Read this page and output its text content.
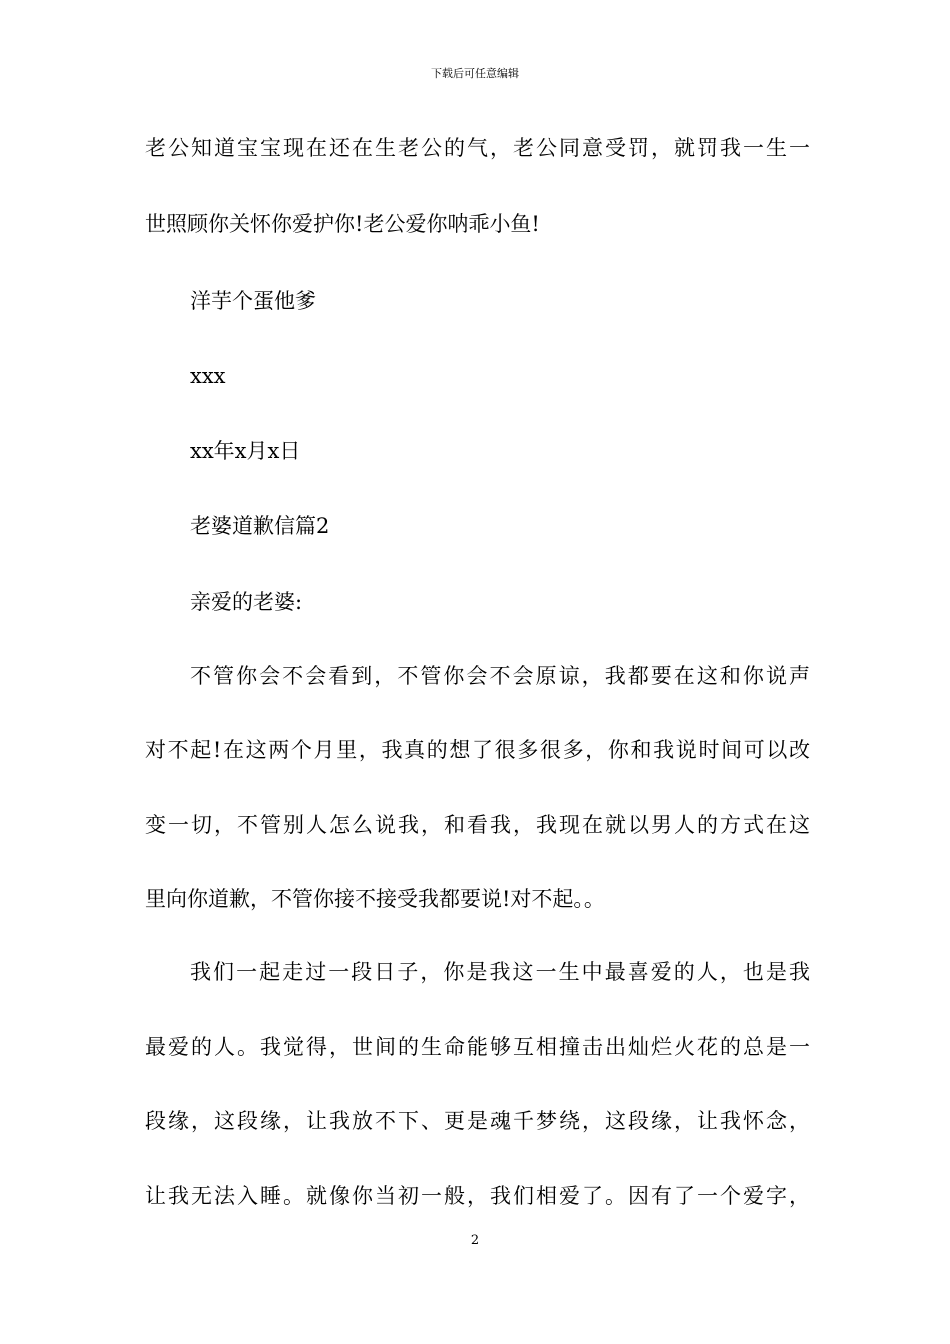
下载后可任意编辑
老公知道宝宝现在还在生老公的气，老公同意受罚，就罚我一生一
世照顾你关怀你爱护你!老公爱你呐乖小鱼!
洋芋个蛋他爹
xxx
xx年x月x日
老婆道歉信篇2
亲爱的老婆:
不管你会不会看到，不管你会不会原谅，我都要在这和你说声
对不起!在这两个月里，我真的想了很多很多，你和我说时间可以改
变一切，不管别人怎么说我，和看我，我现在就以男人的方式在这
里向你道歉，不管你接不接受我都要说!对不起。。
我们一起走过一段日子，你是我这一生中最喜爱的人，也是我
最爱的人。我觉得，世间的生命能够互相撞击出灿烂火花的总是一
段缘，这段缘，让我放不下、更是魂千梦绕，这段缘，让我怀念，
让我无法入睡。就像你当初一般，我们相爱了。因有了一个爱字，
2
